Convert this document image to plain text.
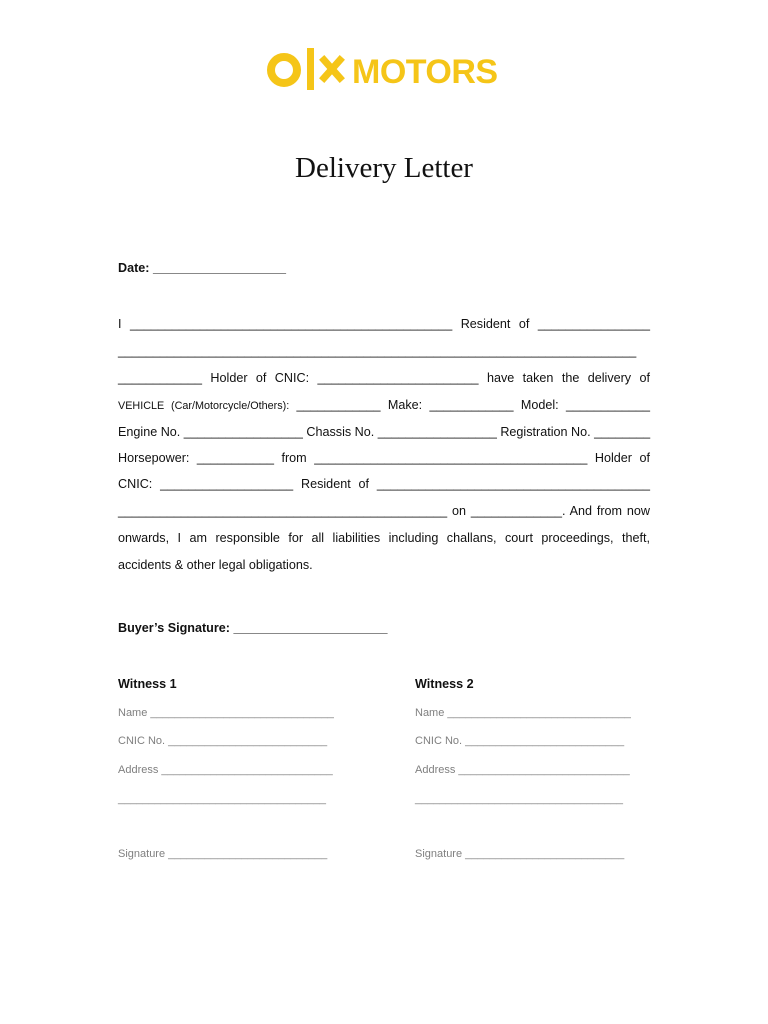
MOTORS
Delivery Letter
Date: ___________________
I ______________________________________________ Resident of ________________
__________________________________________________________________________
____________ Holder of CNIC: _______________________ have taken the delivery of
VEHICLE (Car/Motorcycle/Others): ____________ Make: ____________ Model: ____________
Engine No. _________________ Chassis No. _________________ Registration No. ________
Horsepower: ___________ from _______________________________________ Holder of
CNIC: ___________________ Resident of _______________________________________
_______________________________________________ on _____________. And from now
onwards, I am responsible for all liabilities including challans, court proceedings, theft,
accidents & other legal obligations.
Buyer’s Signature: ______________________
Witness 1
Name ______________________________
CNIC No. __________________________
Address ____________________________
__________________________________
Signature __________________________
Witness 2
Name ______________________________
CNIC No. __________________________
Address ____________________________
__________________________________
Signature __________________________
